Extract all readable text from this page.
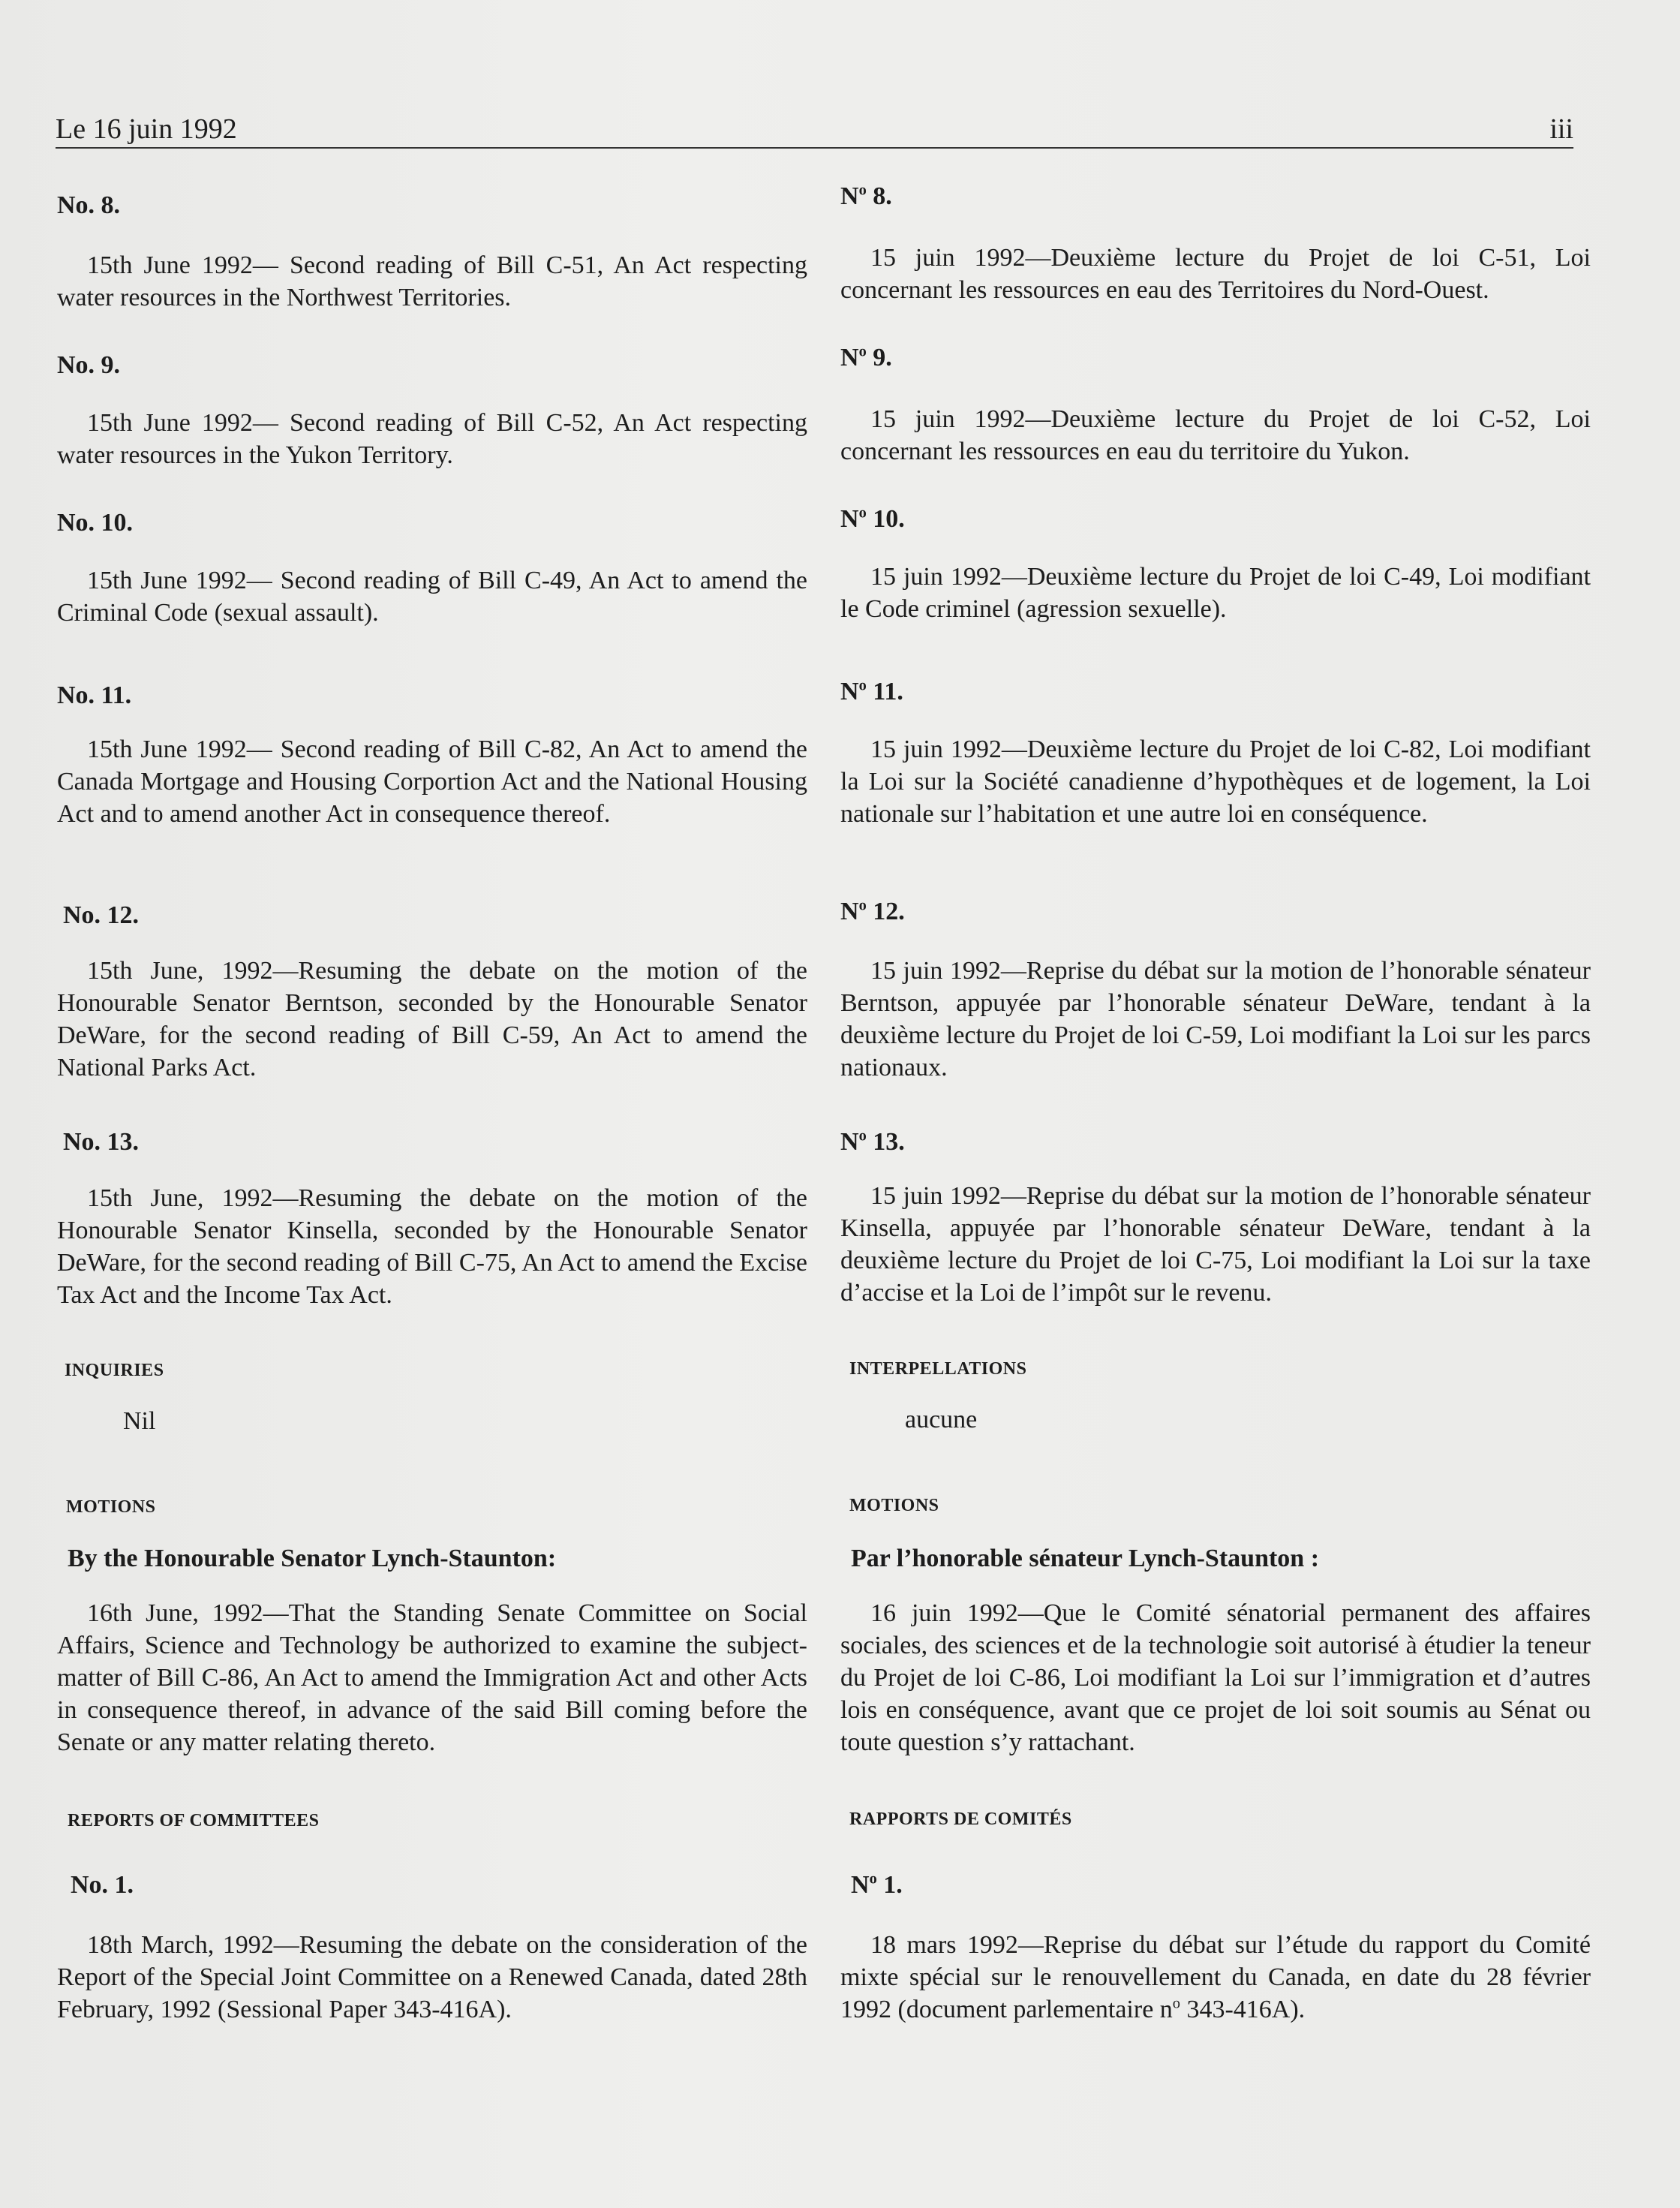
Le 16 juin 1992	iii

No. 8.

15th June 1992— Second reading of Bill C-51, An Act respecting water resources in the Northwest Territories.

No. 9.

15th June 1992— Second reading of Bill C-52, An Act respecting water resources in the Yukon Territory.

No. 10.

15th June 1992— Second reading of Bill C-49, An Act to amend the Criminal Code (sexual assault).

No. 11.

15th June 1992— Second reading of Bill C-82, An Act to amend the Canada Mortgage and Housing Corportion Act and the National Housing Act and to amend another Act in consequence thereof.

No. 12.

15th June, 1992—Resuming the debate on the motion of the Honourable Senator Berntson, seconded by the Honourable Senator DeWare, for the second reading of Bill C-59, An Act to amend the National Parks Act.

No. 13.

15th June, 1992—Resuming the debate on the motion of the Honourable Senator Kinsella, seconded by the Honourable Senator DeWare, for the second reading of Bill C-75, An Act to amend the Excise Tax Act and the Income Tax Act.

INQUIRIES

Nil

MOTIONS

By the Honourable Senator Lynch-Staunton:

16th June, 1992—That the Standing Senate Committee on Social Affairs, Science and Technology be authorized to examine the subject-matter of Bill C-86, An Act to amend the Immigration Act and other Acts in consequence thereof, in advance of the said Bill coming before the Senate or any matter relating thereto.

REPORTS OF COMMITTEES

No. 1.

18th March, 1992—Resuming the debate on the consideration of the Report of the Special Joint Committee on a Renewed Canada, dated 28th February, 1992 (Sessional Paper 343-416A).

$N^o$ 8.

15 juin 1992—Deuxième lecture du Projet de loi C-51, Loi concernant les ressources en eau des Territoires du Nord-Ouest.

$N^o$ 9.

15 juin 1992—Deuxième lecture du Projet de loi C-52, Loi concernant les ressources en eau du territoire du Yukon.

$N^o$ 10.

15 juin 1992—Deuxième lecture du Projet de loi C-49, Loi modifiant le Code criminel (agression sexuelle).

$N^o$ 11.

15 juin 1992—Deuxième lecture du Projet de loi C-82, Loi modifiant la Loi sur la Société canadienne d’hypothèques et de logement, la Loi nationale sur l’habitation et une autre loi en conséquence.

$N^o$ 12.

15 juin 1992—Reprise du débat sur la motion de l’honorable sénateur Berntson, appuyée par l’honorable sénateur DeWare, tendant à la deuxième lecture du Projet de loi C-59, Loi modifiant la Loi sur les parcs nationaux.

$N^o$ 13.

15 juin 1992—Reprise du débat sur la motion de l’honorable sénateur Kinsella, appuyée par l’honorable sénateur DeWare, tendant à la deuxième lecture du Projet de loi C-75, Loi modifiant la Loi sur la taxe d’accise et la Loi de l’impôt sur le revenu.

INTERPELLATIONS

aucune

MOTIONS

Par l’honorable sénateur Lynch-Staunton :

16 juin 1992—Que le Comité sénatorial permanent des affaires sociales, des sciences et de la technologie soit autorisé à étudier la teneur du Projet de loi C-86, Loi modifiant la Loi sur l’immigration et d’autres lois en conséquence, avant que ce projet de loi soit soumis au Sénat ou toute question s’y rattachant.

RAPPORTS DE COMITÉS

$N^o$ 1.

18 mars 1992—Reprise du débat sur l’étude du rapport du Comité mixte spécial sur le renouvellement du Canada, en date du 28 février 1992 (document parlementaire $n^o$ 343-416A).
